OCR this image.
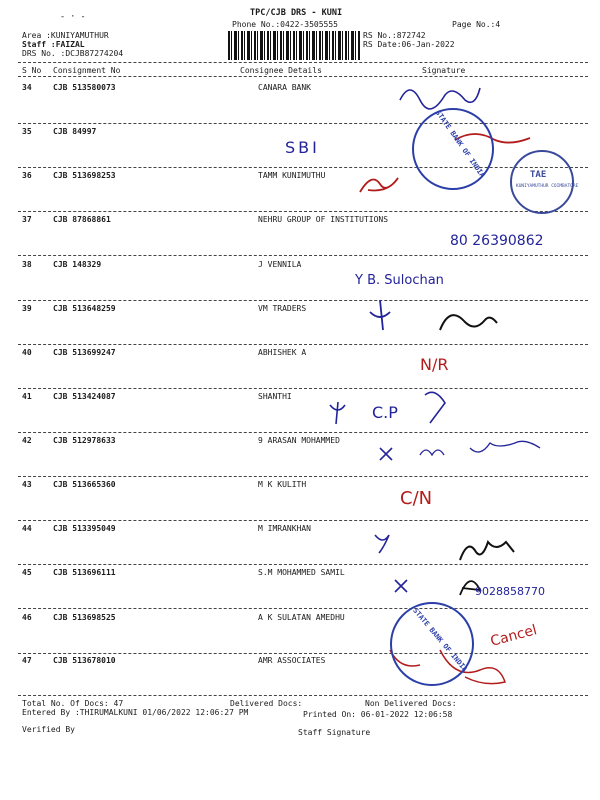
- · -	TPC/CJB DRS - KUNI
Phone No.:0422-3505555	Page No.:4
Area :KUNIYAMUTHUR
Staff :FAIZAL
DRS No. :DCJB87274204
RS No.:872742
RS Date:06-Jan-2022
S No Consignment No	Consignee Details	Signature
34	CJB 513580073	CANARA BANK
35	CJB 84997
36	CJB 513698253	TAMM KUNIMUTHU
37	CJB 87868861	NEHRU GROUP OF INSTITUTIONS
38	CJB 148329	J VENNILA
39	CJB 513648259	VM TRADERS
40	CJB 513699247	ABHISHEK A
41	CJB 513424087	SHANTHI
42	CJB 512978633	9 ARASAN MOHAMMED
43	CJB 513665360	M K KULITH
44	CJB 513395049	M IMRANKHAN
45	CJB 513696111	S.M MOHAMMED SAMIL
46	CJB 513698525	A K SULATAN AMEDHU
47	CJB 513678010	AMR ASSOCIATES
STATE BANK OF INDIA	TAE
KUNIYAMUTHUR COIMBATORE
STATE BANK OF INDIA
SBI
80 26390862
Y B. Sulochan
N/R
C.P
C/N
9028858770
Cancel
Total No. Of Docs: 47	Delivered Docs:	Non Delivered Docs:
Entered By :THIRUMALKUNI 01/06/2022 12:06:27 PM	Printed On: 06-01-2022 12:06:58
Verified By	Staff Signature
